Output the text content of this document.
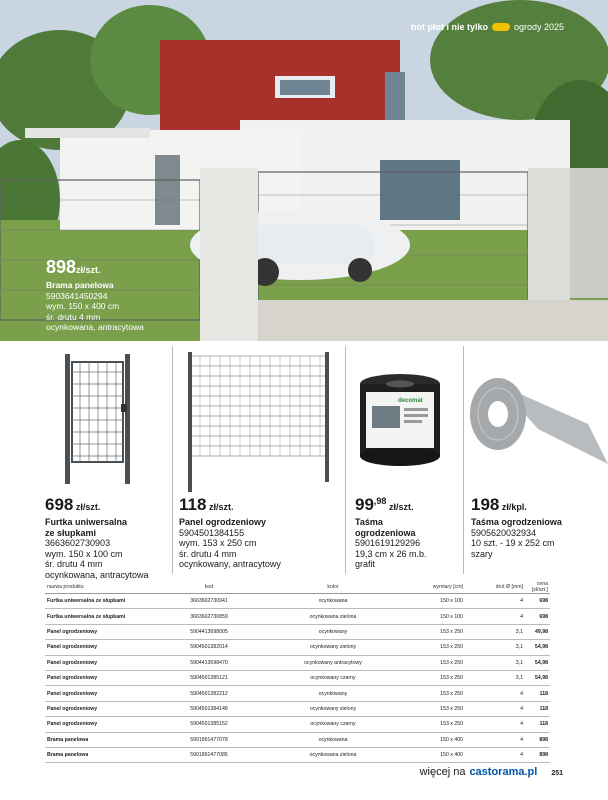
hot płot i nie tylko	ogrody 2025
898zł/szt.
Brama panelowa
5903641450294
wym. 150 x 400 cm
śr. drutu 4 mm
ocynkowana, antracytowa
698 zł/szt.
Furtka uniwersalna
ze słupkami
3663602730903
wym. 150 x 100 cm
śr. drutu 4 mm
ocynkowana, antracytowa
118 zł/szt.
Panel ogrodzeniowy
5904501384155
wym. 153 x 250 cm
śr. drutu 4 mm
ocynkowany, antracytowy
decomat
$99^{,98}$ zł/szt.
Taśma
ogrodzeniowa
5901619129296
19,3 cm x 26 m.b.
grafit
198 zł/kpl.
Taśma ogrodzeniowa
5905620032934
10 szt. - 19 x 252 cm
szary
nazwa produktu	kod	kolor	wymiary [cm]	drut Ø [mm]	cena [zł/szt.]
Furtka uniwersalna ze słupkami	3663602730941	ocynkowana	150 x 100	4	698
Furtka uniwersalna ze słupkami	3663602730859	ocynkowana zielona	150 x 100	4	698
Panel ogrodzeniowy	5904413698005	ocynkowany	153 x 250	3,1	49,98
Panel ogrodzeniowy	5904501382014	ocynkowany zielony	153 x 250	3,1	54,98
Panel ogrodzeniowy	5904413698470	ocynkowany antracytowy	153 x 250	3,1	54,98
Panel ogrodzeniowy	5904501385121	ocynkowany czarny	153 x 250	3,1	54,98
Panel ogrodzeniowy	5904501382212	ocynkowany	153 x 250	4	118
Panel ogrodzeniowy	5904501384148	ocynkowany zielony	153 x 250	4	118
Panel ogrodzeniowy	5904501385152	ocynkowany czarny	153 x 250	4	118
Brama panelowa	5901891477078	ocynkowana	150 x 400	4	898
Brama panelowa	5901891477085	ocynkowana zielona	150 x 400	4	898
więcej na castorama.pl 251
